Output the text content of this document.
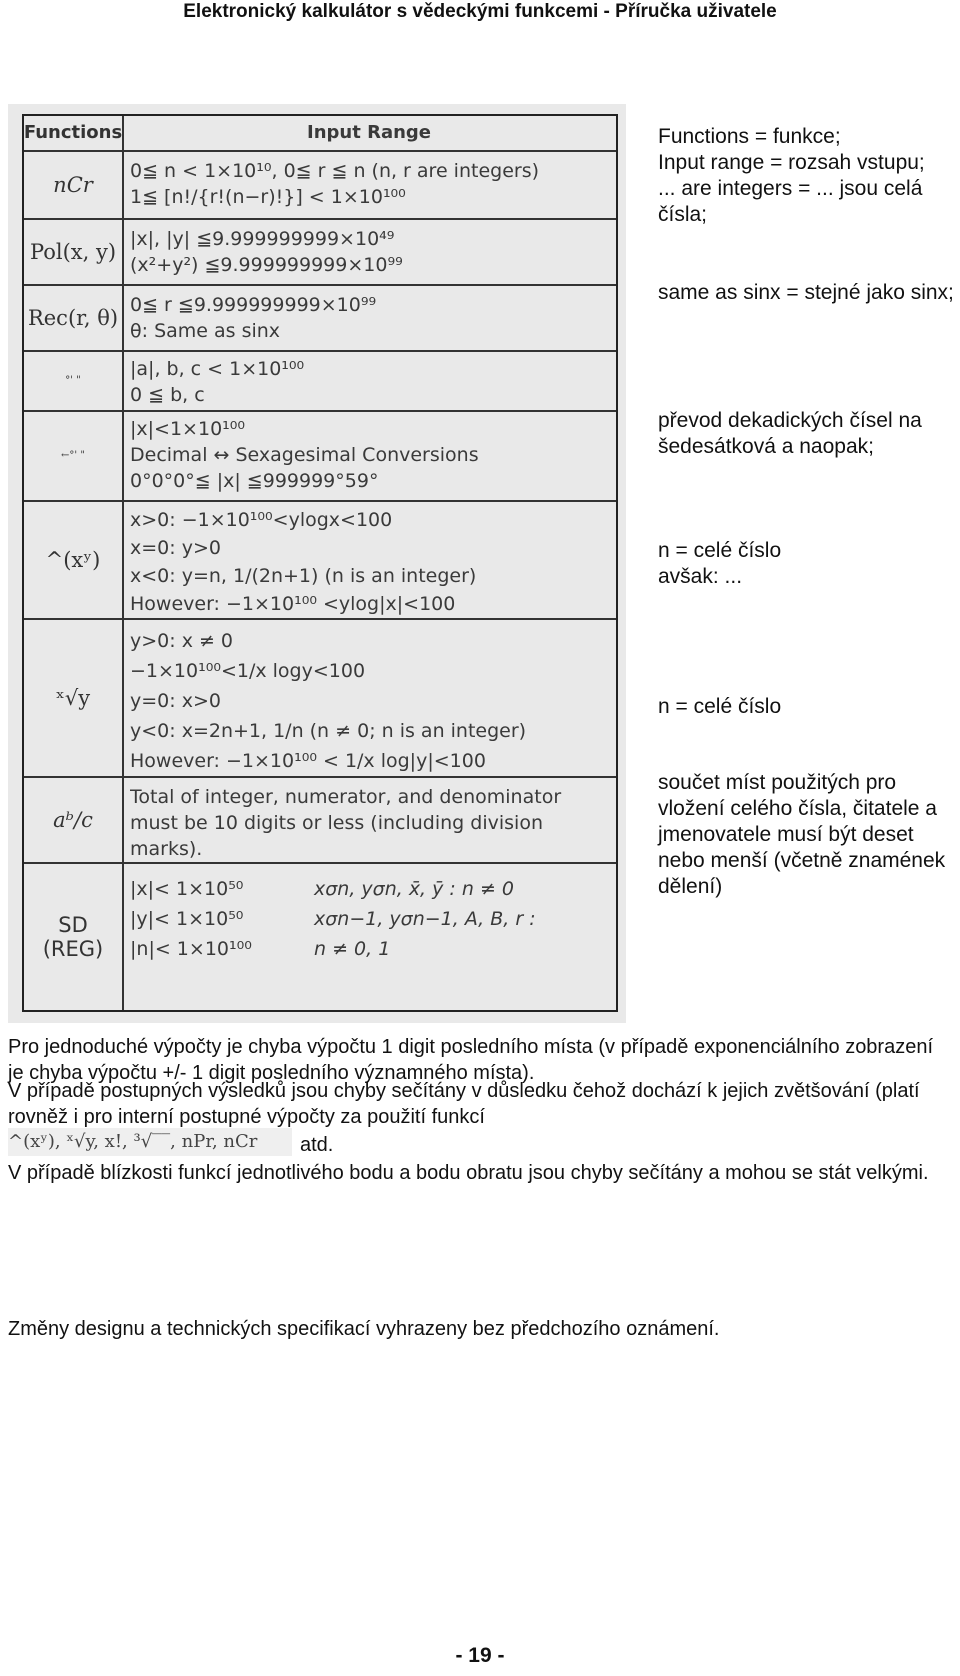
Elektronický kalkulátor s vědeckými funkcemi - Příručka uživatele
Functions	Input Range
nCr
0≦ n < 1×10¹⁰, 0≦ r ≦ n (n, r are integers)
1≦ [n!/{r!(n−r)!}] < 1×10¹⁰⁰
Pol(x, y)
|x|, |y| ≦9.999999999×10⁴⁹
(x²+y²) ≦9.999999999×10⁹⁹
Rec(r, θ)
0≦ r ≦9.999999999×10⁹⁹
θ: Same as sinx
°' "
|a|, b, c < 1×10¹⁰⁰
0 ≦ b, c
←°' "
|x|<1×10¹⁰⁰
Decimal ↔ Sexagesimal Conversions
0°0°0°≦ |x| ≦999999°59°
^(xʸ)
x>0: −1×10¹⁰⁰<ylogx<100
x=0: y>0
x<0: y=n, 1/(2n+1) (n is an integer)
However: −1×10¹⁰⁰ <ylog|x|<100
ˣ√y
y>0: x ≠ 0
−1×10¹⁰⁰<1/x logy<100
y=0: x>0
y<0: x=2n+1, 1/n (n ≠ 0; n is an integer)
However: −1×10¹⁰⁰ < 1/x log|y|<100
aᵇ/c
Total of integer, numerator, and denominator
must be 10 digits or less (including division
marks).
SD
(REG)

|x|< 1×10⁵⁰
|y|< 1×10⁵⁰
|n|< 1×10¹⁰⁰

xσn, yσn, x̄, ȳ : n ≠ 0
xσn−1, yσn−1, A, B, r :
n ≠ 0, 1

Functions = funkce;
Input range = rozsah vstupu;
... are integers = ... jsou celá čísla;
same as sinx = stejné jako sinx;
převod dekadických čísel na šedesátková a naopak;
n = celé číslo
avšak: ...
n = celé číslo
součet míst použitých pro vložení celého čísla, čitatele a jmenovatele musí být deset nebo menší (včetně znamének dělení)
Pro jednoduché výpočty je chyba výpočtu 1 digit posledního místa (v případě exponenciálního zobrazení je chyba výpočtu +/- 1 digit posledního významného místa).
V případě postupných výsledků jsou chyby sečítány v důsledku čehož dochází k jejich zvětšování (platí rovněž i pro interní postupné výpočty za použití funkcí
^(xʸ), ˣ√y, x!, ³√‾‾, nPr, nCr	atd.
V případě blízkosti funkcí jednotlivého bodu a bodu obratu jsou chyby sečítány a mohou se stát velkými.
Změny designu a technických specifikací vyhrazeny bez předchozího oznámení.
- 19 -
